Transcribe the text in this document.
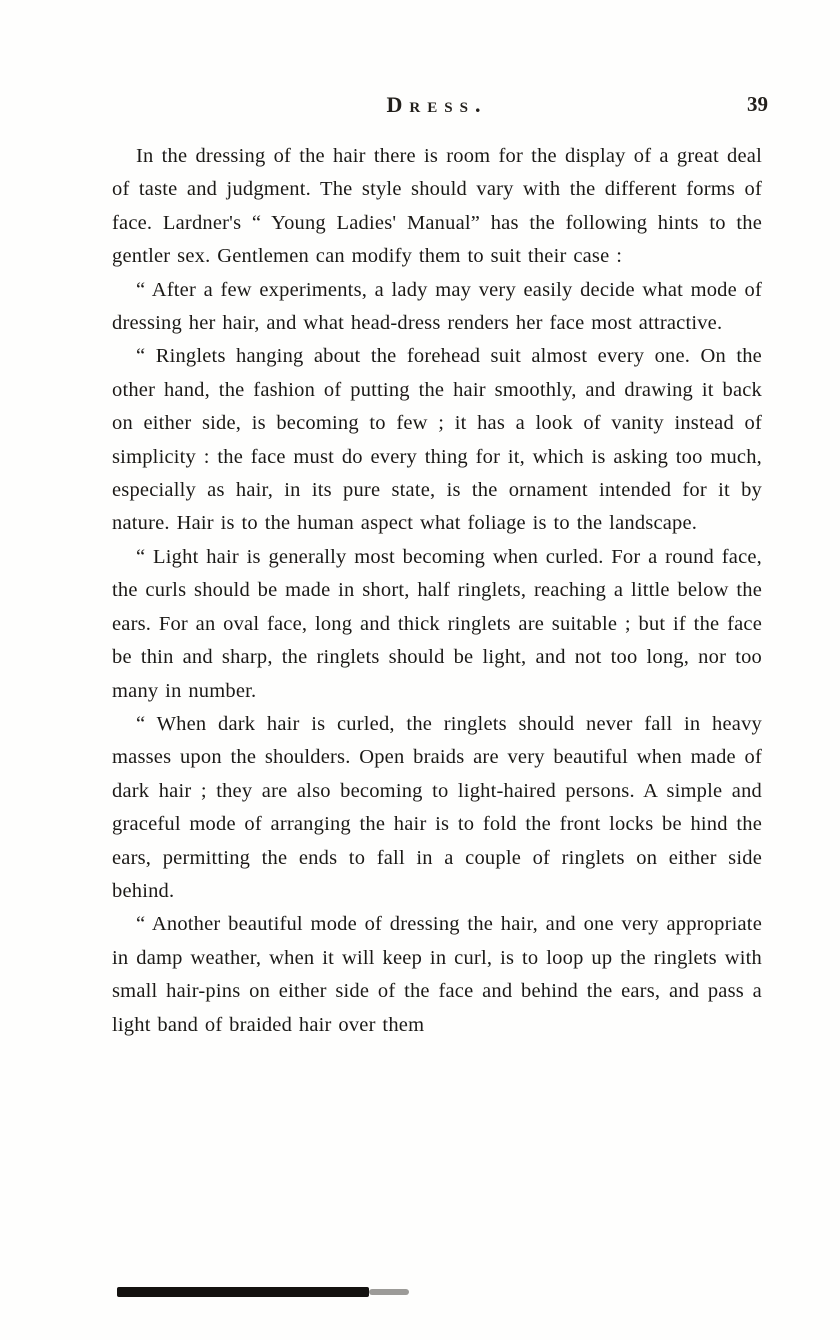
Dress.	39

In the dressing of the hair there is room for the display of a great deal of taste and judgment. The style should vary with the different forms of face. Lardner's “ Young Ladies' Manual” has the following hints to the gentler sex. Gentlemen can modify them to suit their case :

“ After a few experiments, a lady may very easily decide what mode of dressing her hair, and what head-dress renders her face most attractive.

“ Ringlets hanging about the forehead suit almost every one. On the other hand, the fashion of putting the hair smoothly, and drawing it back on either side, is becoming to few ; it has a look of vanity instead of simplicity : the face must do every thing for it, which is asking too much, especially as hair, in its pure state, is the ornament intended for it by nature. Hair is to the human aspect what foliage is to the landscape.

“ Light hair is generally most becoming when curled. For a round face, the curls should be made in short, half ringlets, reaching a little below the ears. For an oval face, long and thick ringlets are suitable ; but if the face be thin and sharp, the ringlets should be light, and not too long, nor too many in number.

“ When dark hair is curled, the ringlets should never fall in heavy masses upon the shoulders. Open braids are very beautiful when made of dark hair ; they are also becoming to light-haired persons. A simple and graceful mode of arranging the hair is to fold the front locks be hind the ears, permitting the ends to fall in a couple of ringlets on either side behind.

“ Another beautiful mode of dressing the hair, and one very appropriate in damp weather, when it will keep in curl, is to loop up the ringlets with small hair-pins on either side of the face and behind the ears, and pass a light band of braided hair over them
